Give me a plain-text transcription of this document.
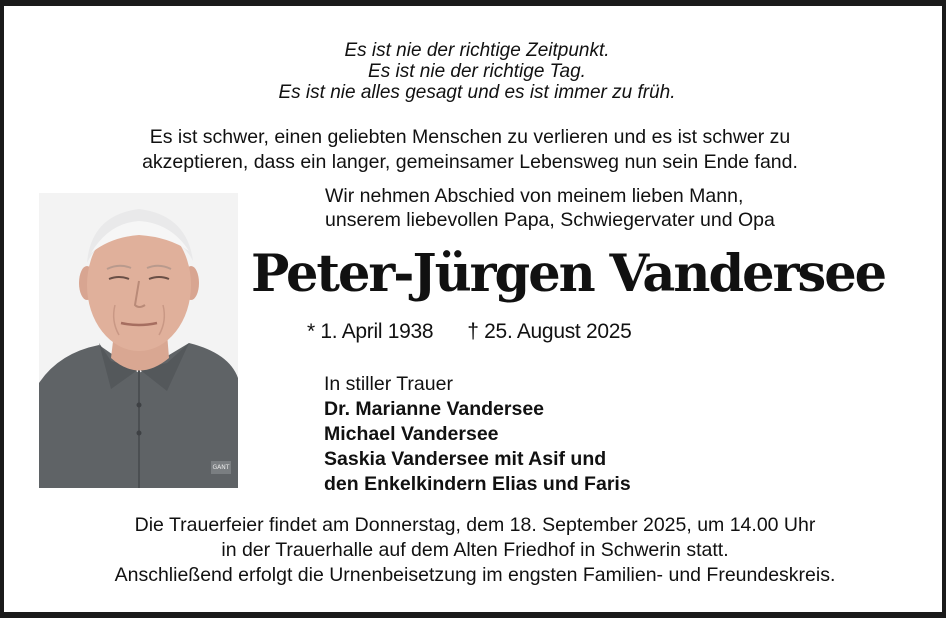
Es ist nie der richtige Zeitpunkt.
Es ist nie der richtige Tag.
Es ist nie alles gesagt und es ist immer zu früh.
Es ist schwer, einen geliebten Menschen zu verlieren und es ist schwer zu
akzeptieren, dass ein langer, gemeinsamer Lebensweg nun sein Ende fand.
GANT
Wir nehmen Abschied von meinem lieben Mann,
unserem liebevollen Papa, Schwiegervater und Opa
Peter-Jürgen Vandersee
* 1. April 1938 † 25. August 2025
In stiller Trauer
Dr. Marianne Vandersee
Michael Vandersee
Saskia Vandersee mit Asif und
den Enkelkindern Elias und Faris
Die Trauerfeier findet am Donnerstag, dem 18. September 2025, um 14.00 Uhr
in der Trauerhalle auf dem Alten Friedhof in Schwerin statt.
Anschließend erfolgt die Urnenbeisetzung im engsten Familien- und Freundeskreis.
